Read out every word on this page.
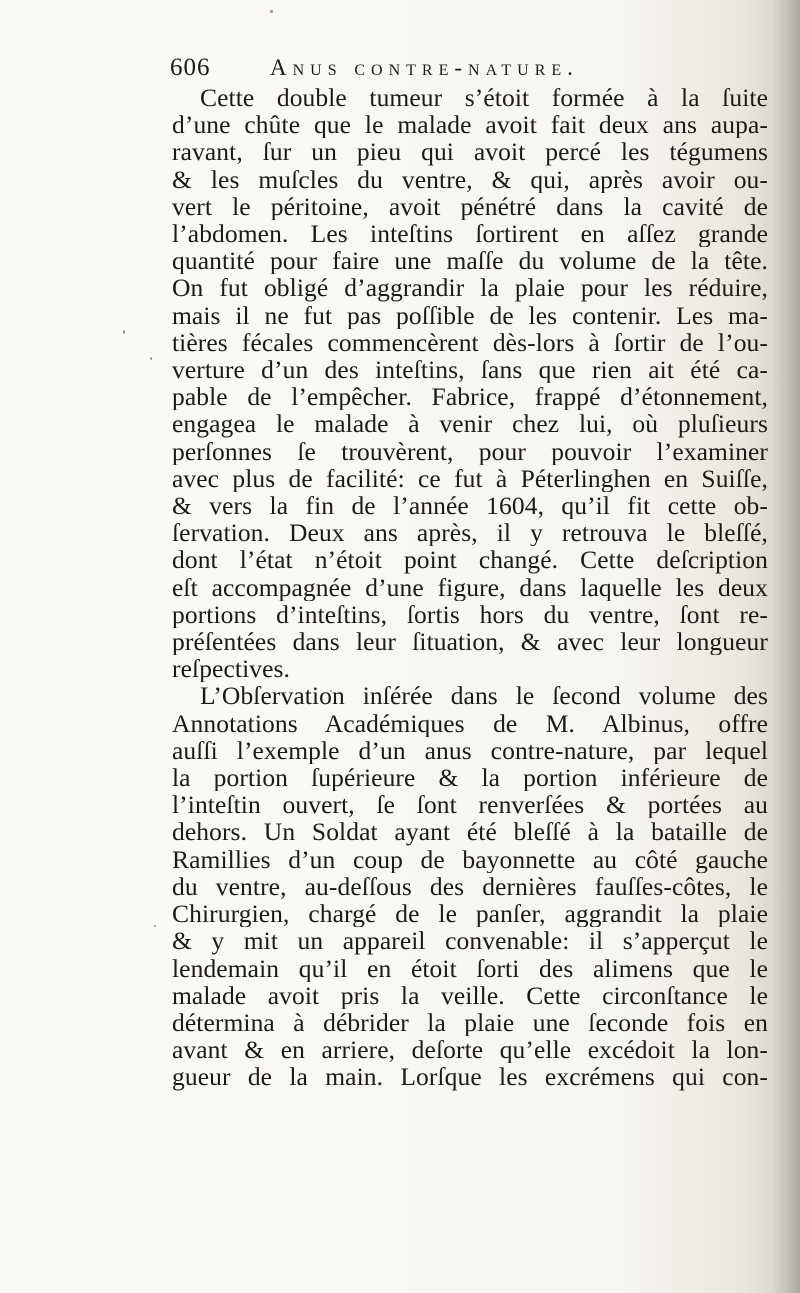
606	Anus contre-nature.
Cette double tumeur s’étoit formée à la ſuite
d’une chûte que le malade avoit fait deux ans aupa-
ravant, ſur un pieu qui avoit percé les tégumens
& les muſcles du ventre, & qui, après avoir ou-
vert le péritoine, avoit pénétré dans la cavité de
l’abdomen. Les inteſtins ſortirent en aſſez grande
quantité pour faire une maſſe du volume de la tête.
On fut obligé d’aggrandir la plaie pour les réduire,
mais il ne fut pas poſſible de les contenir. Les ma-
tières fécales commencèrent dès-lors à ſortir de l’ou-
verture d’un des inteſtins, ſans que rien ait été ca-
pable de l’empêcher. Fabrice, frappé d’étonnement,
engagea le malade à venir chez lui, où pluſieurs
perſonnes ſe trouvèrent, pour pouvoir l’examiner
avec plus de facilité: ce fut à Péterlinghen en Suiſſe,
& vers la fin de l’année 1604, qu’il fit cette ob-
ſervation. Deux ans après, il y retrouva le bleſſé,
dont l’état n’étoit point changé. Cette deſcription
eſt accompagnée d’une figure, dans laquelle les deux
portions d’inteſtins, ſortis hors du ventre, ſont re-
préſentées dans leur ſituation, & avec leur longueur
reſpectives.
L’Obſervation inſérée dans le ſecond volume des
Annotations Académiques de M. Albinus, offre
auſſi l’exemple d’un anus contre-nature, par lequel
la portion ſupérieure & la portion inférieure de
l’inteſtin ouvert, ſe ſont renverſées & portées au
dehors. Un Soldat ayant été bleſſé à la bataille de
Ramillies d’un coup de bayonnette au côté gauche
du ventre, au-deſſous des dernières fauſſes-côtes, le
Chirurgien, chargé de le panſer, aggrandit la plaie
& y mit un appareil convenable: il s’apperçut le
lendemain qu’il en étoit ſorti des alimens que le
malade avoit pris la veille. Cette circonſtance le
détermina à débrider la plaie une ſeconde fois en
avant & en arriere, deſorte qu’elle excédoit la lon-
gueur de la main. Lorſque les excrémens qui con-
